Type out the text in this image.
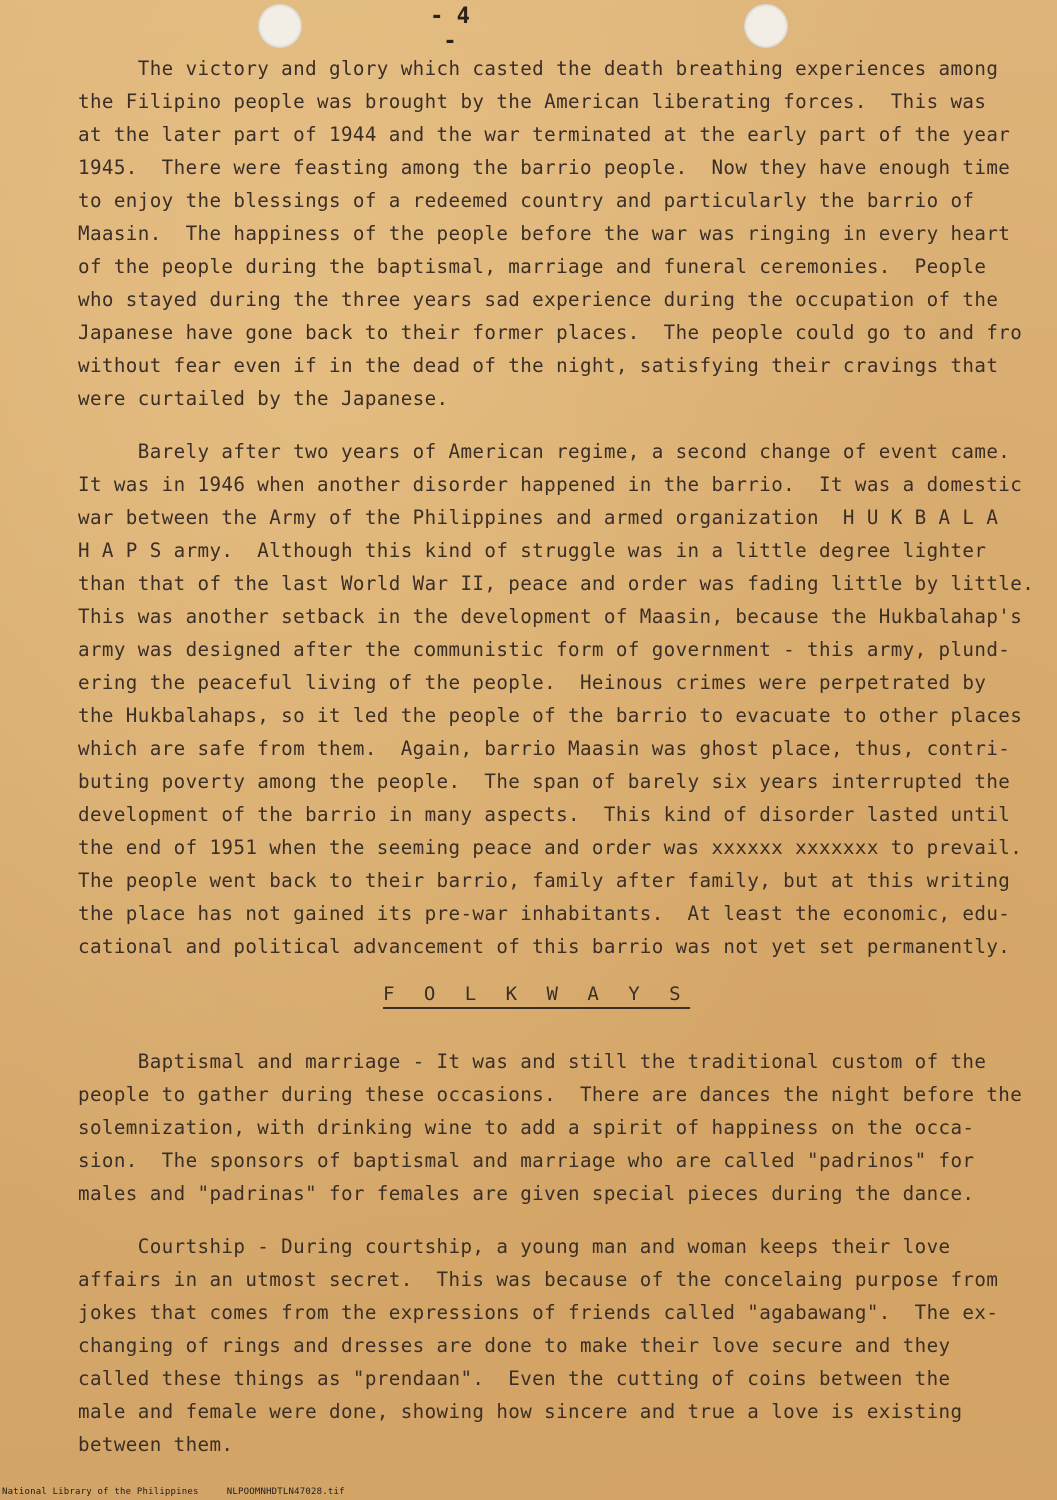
- 4 -
The victory and glory which casted the death breathing experiences among
the Filipino people was brought by the American liberating forces.  This was
at the later part of 1944 and the war terminated at the early part of the year
1945.  There were feasting among the barrio people.  Now they have enough time
to enjoy the blessings of a redeemed country and particularly the barrio of
Maasin.  The happiness of the people before the war was ringing in every heart
of the people during the baptismal, marriage and funeral ceremonies.  People
who stayed during the three years sad experience during the occupation of the
Japanese have gone back to their former places.  The people could go to and fro
without fear even if in the dead of the night, satisfying their cravings that
were curtailed by the Japanese.
Barely after two years of American regime, a second change of event came.
It was in 1946 when another disorder happened in the barrio.  It was a domestic
war between the Army of the Philippines and armed organization  H U K B A L A
H A P S army.  Although this kind of struggle was in a little degree lighter
than that of the last World War II, peace and order was fading little by little.
This was another setback in the development of Maasin, because the Hukbalahap's
army was designed after the communistic form of government - this army, plund-
ering the peaceful living of the people.  Heinous crimes were perpetrated by
the Hukbalahaps, so it led the people of the barrio to evacuate to other places
which are safe from them.  Again, barrio Maasin was ghost place, thus, contri-
buting poverty among the people.  The span of barely six years interrupted the
development of the barrio in many aspects.  This kind of disorder lasted until
the end of 1951 when the seeming peace and order was xxxxxx xxxxxxx to prevail.
The people went back to their barrio, family after family, but at this writing
the place has not gained its pre-war inhabitants.  At least the economic, edu-
cational and political advancement of this barrio was not yet set permanently.
F O L K W A Y S
Baptismal and marriage - It was and still the traditional custom of the
people to gather during these occasions.  There are dances the night before the
solemnization, with drinking wine to add a spirit of happiness on the occa-
sion.  The sponsors of baptismal and marriage who are called "padrinos" for
males and "padrinas" for females are given special pieces during the dance.
Courtship - During courtship, a young man and woman keeps their love
affairs in an utmost secret.  This was because of the concelaing purpose from
jokes that comes from the expressions of friends called "agabawang".  The ex-
changing of rings and dresses are done to make their love secure and they
called these things as "prendaan".  Even the cutting of coins between the
male and female were done, showing how sincere and true a love is existing
between them.
National Library of the Philippines     NLPOOMNHDTLN47028.tif
